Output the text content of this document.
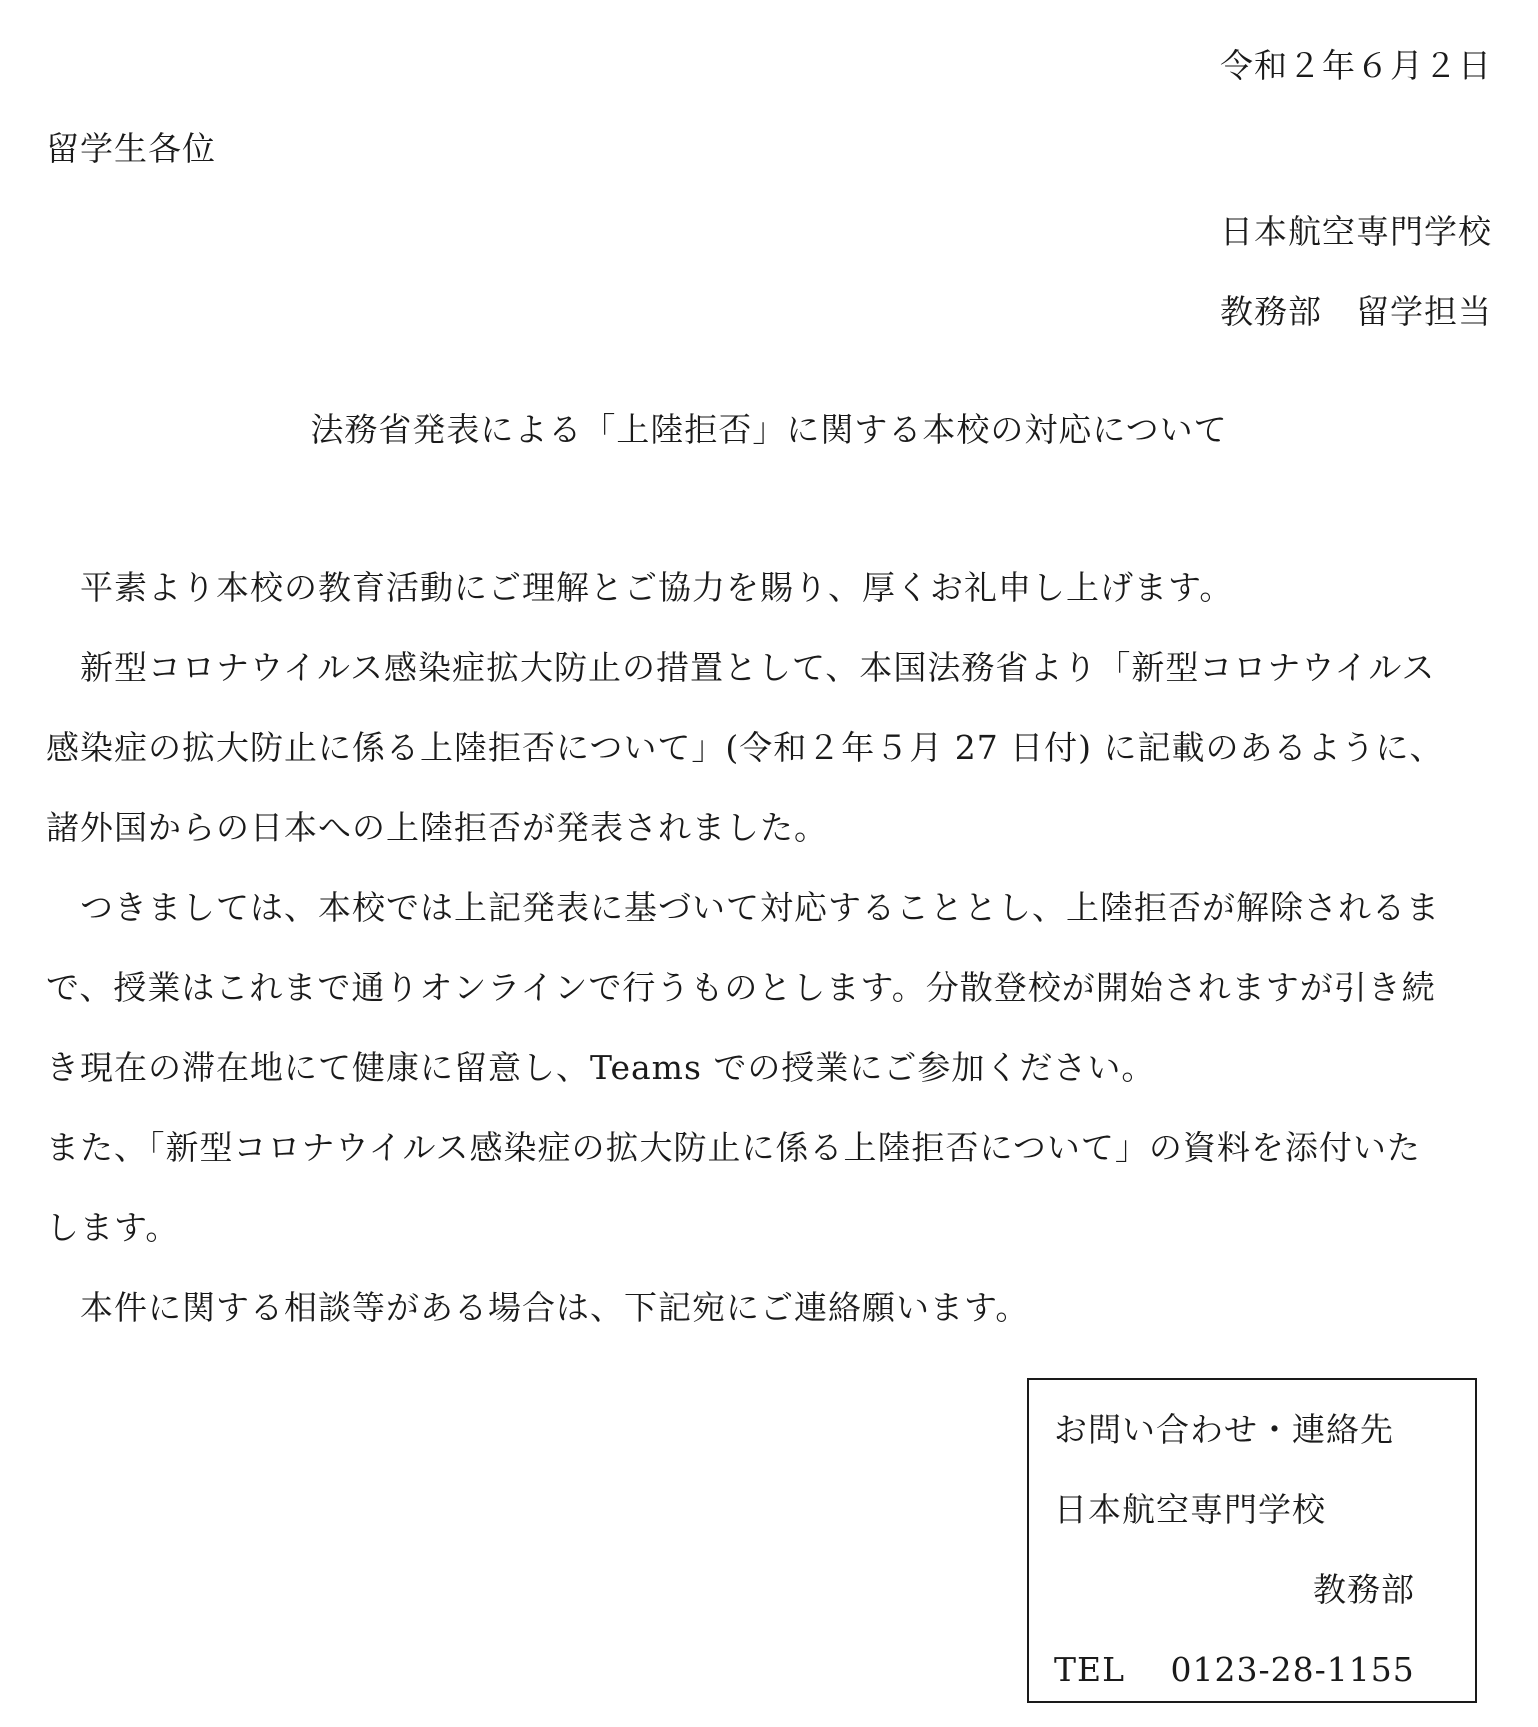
令和２年６月２日
留学生各位
日本航空専門学校
教務部　留学担当
法務省発表による「上陸拒否」に関する本校の対応について
　平素より本校の教育活動にご理解とご協力を賜り、厚くお礼申し上げます。
　新型コロナウイルス感染症拡大防止の措置として、本国法務省より「新型コロナウイルス
感染症の拡大防止に係る上陸拒否について」(令和２年５月 27 日付) に記載のあるように、
諸外国からの日本への上陸拒否が発表されました。
　つきましては、本校では上記発表に基づいて対応することとし、上陸拒否が解除されるま
で、授業はこれまで通りオンラインで行うものとします。分散登校が開始されますが引き続
き現在の滞在地にて健康に留意し、Teams での授業にご参加ください。
また、「新型コロナウイルス感染症の拡大防止に係る上陸拒否について」の資料を添付いた
します。
　本件に関する相談等がある場合は、下記宛にご連絡願います。
お問い合わせ・連絡先
日本航空専門学校
教務部
TEL　 0123-28-1155
